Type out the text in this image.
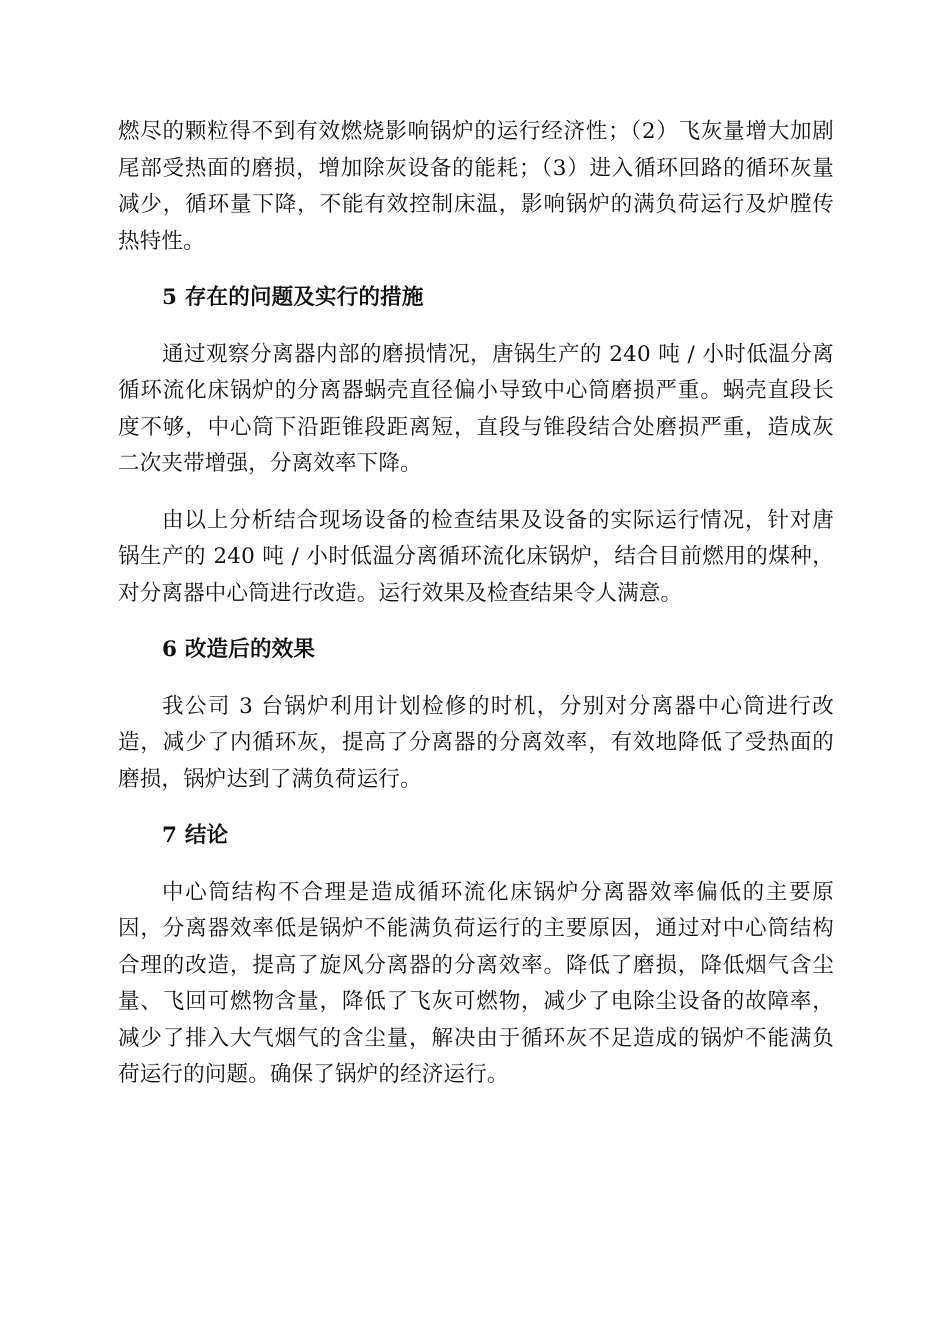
燃尽的颗粒得不到有效燃烧影响锅炉的运行经济性；（2）飞灰量增大加剧尾部受热面的磨损，增加除灰设备的能耗；（3）进入循环回路的循环灰量减少，循环量下降，不能有效控制床温，影响锅炉的满负荷运行及炉膛传热特性。

5 存在的问题及实行的措施

通过观察分离器内部的磨损情况，唐锅生产的 240 吨 / 小时低温分离循环流化床锅炉的分离器蜗壳直径偏小导致中心筒磨损严重。蜗壳直段长度不够，中心筒下沿距锥段距离短，直段与锥段结合处磨损严重，造成灰二次夹带增强，分离效率下降。

由以上分析结合现场设备的检查结果及设备的实际运行情况，针对唐锅生产的 240 吨 / 小时低温分离循环流化床锅炉，结合目前燃用的煤种，对分离器中心筒进行改造。运行效果及检查结果令人满意。

6 改造后的效果

我公司 3 台锅炉利用计划检修的时机，分别对分离器中心筒进行改造，减少了内循环灰，提高了分离器的分离效率，有效地降低了受热面的磨损，锅炉达到了满负荷运行。

7 结论

中心筒结构不合理是造成循环流化床锅炉分离器效率偏低的主要原因，分离器效率低是锅炉不能满负荷运行的主要原因，通过对中心筒结构合理的改造，提高了旋风分离器的分离效率。降低了磨损，降低烟气含尘量、飞回可燃物含量，降低了飞灰可燃物，减少了电除尘设备的故障率，减少了排入大气烟气的含尘量，解决由于循环灰不足造成的锅炉不能满负荷运行的问题。确保了锅炉的经济运行。
